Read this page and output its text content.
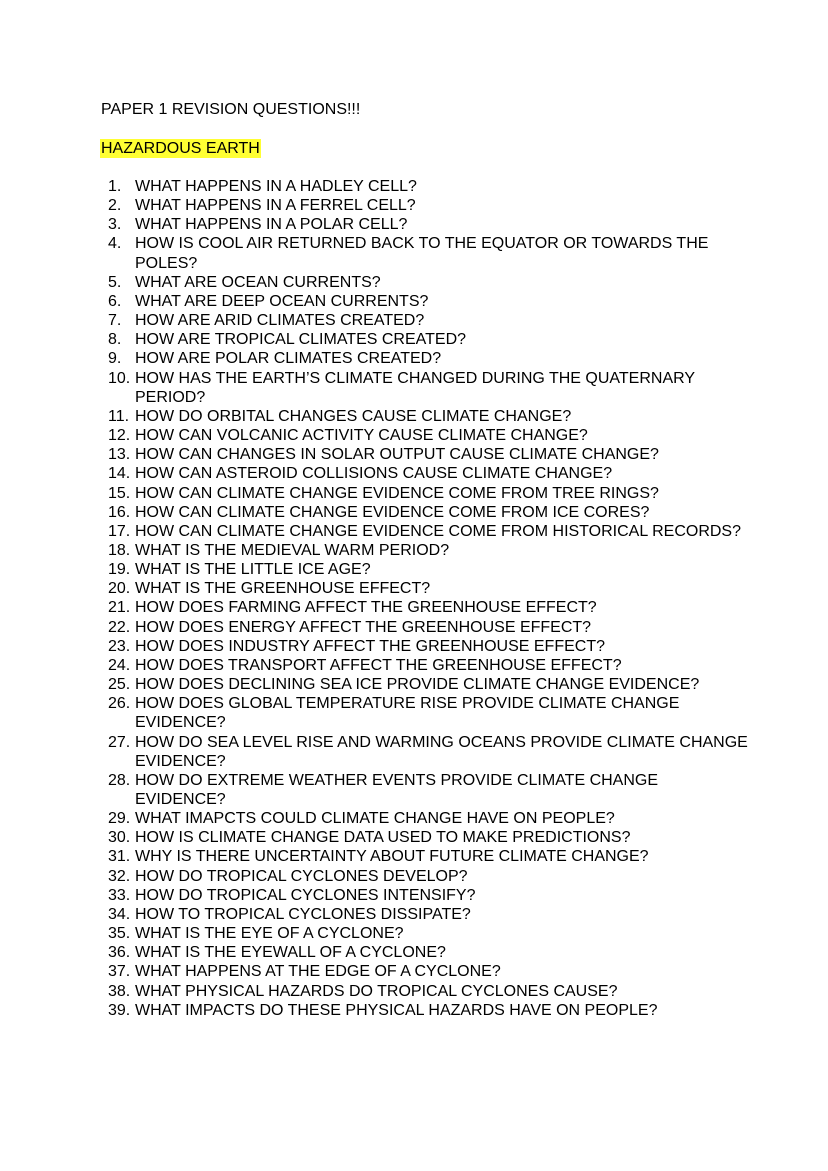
PAPER 1 REVISION QUESTIONS!!!
HAZARDOUS EARTH
1. WHAT HAPPENS IN A HADLEY CELL?
2. WHAT HAPPENS IN A FERREL CELL?
3. WHAT HAPPENS IN A POLAR CELL?
4. HOW IS COOL AIR RETURNED BACK TO THE EQUATOR OR TOWARDS THE POLES?
5. WHAT ARE OCEAN CURRENTS?
6. WHAT ARE DEEP OCEAN CURRENTS?
7. HOW ARE ARID CLIMATES CREATED?
8. HOW ARE TROPICAL CLIMATES CREATED?
9. HOW ARE POLAR CLIMATES CREATED?
10. HOW HAS THE EARTH’S CLIMATE CHANGED DURING THE QUATERNARY PERIOD?
11. HOW DO ORBITAL CHANGES CAUSE CLIMATE CHANGE?
12. HOW CAN VOLCANIC ACTIVITY CAUSE CLIMATE CHANGE?
13. HOW CAN CHANGES IN SOLAR OUTPUT CAUSE CLIMATE CHANGE?
14. HOW CAN ASTEROID COLLISIONS CAUSE CLIMATE CHANGE?
15. HOW CAN CLIMATE CHANGE EVIDENCE COME FROM TREE RINGS?
16. HOW CAN CLIMATE CHANGE EVIDENCE COME FROM ICE CORES?
17. HOW CAN CLIMATE CHANGE EVIDENCE COME FROM HISTORICAL RECORDS?
18. WHAT IS THE MEDIEVAL WARM PERIOD?
19. WHAT IS THE LITTLE ICE AGE?
20. WHAT IS THE GREENHOUSE EFFECT?
21. HOW DOES FARMING AFFECT THE GREENHOUSE EFFECT?
22. HOW DOES ENERGY AFFECT THE GREENHOUSE EFFECT?
23. HOW DOES INDUSTRY AFFECT THE GREENHOUSE EFFECT?
24. HOW DOES TRANSPORT AFFECT THE GREENHOUSE EFFECT?
25. HOW DOES DECLINING SEA ICE PROVIDE CLIMATE CHANGE EVIDENCE?
26. HOW DOES GLOBAL TEMPERATURE RISE PROVIDE CLIMATE CHANGE EVIDENCE?
27. HOW DO SEA LEVEL RISE AND WARMING OCEANS PROVIDE CLIMATE CHANGE EVIDENCE?
28. HOW DO EXTREME WEATHER EVENTS PROVIDE CLIMATE CHANGE EVIDENCE?
29. WHAT IMAPCTS COULD CLIMATE CHANGE HAVE ON PEOPLE?
30. HOW IS CLIMATE CHANGE DATA USED TO MAKE PREDICTIONS?
31. WHY IS THERE UNCERTAINTY ABOUT FUTURE CLIMATE CHANGE?
32. HOW DO TROPICAL CYCLONES DEVELOP?
33. HOW DO TROPICAL CYCLONES INTENSIFY?
34. HOW TO TROPICAL CYCLONES DISSIPATE?
35. WHAT IS THE EYE OF A CYCLONE?
36. WHAT IS THE EYEWALL OF A CYCLONE?
37. WHAT HAPPENS AT THE EDGE OF A CYCLONE?
38. WHAT PHYSICAL HAZARDS DO TROPICAL CYCLONES CAUSE?
39. WHAT IMPACTS DO THESE PHYSICAL HAZARDS HAVE ON PEOPLE?
